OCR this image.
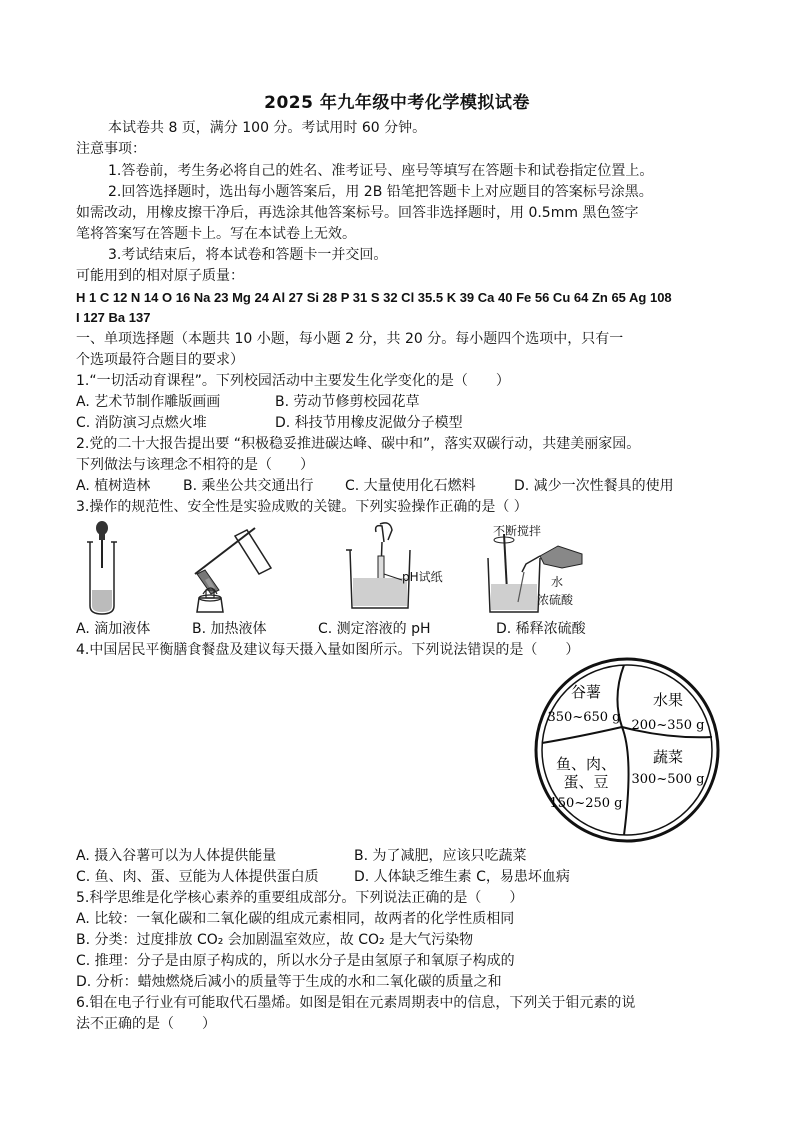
2025 年九年级中考化学模拟试卷
本试卷共 8 页，满分 100 分。考试用时 60 分钟。
注意事项：
1.答卷前，考生务必将自己的姓名、准考证号、座号等填写在答题卡和试卷指定位置上。
2.回答选择题时，选出每小题答案后，用 2B 铅笔把答题卡上对应题目的答案标号涂黑。
如需改动，用橡皮擦干净后，再选涂其他答案标号。回答非选择题时，用 0.5mm 黑色签字
笔将答案写在答题卡上。写在本试卷上无效。
3.考试结束后，将本试卷和答题卡一并交回。
可能用到的相对原子质量：
H 1 C 12 N 14 O 16 Na 23 Mg 24 Al 27 Si 28 P 31 S 32 Cl 35.5 K 39 Ca 40 Fe 56 Cu 64 Zn 65 Ag 108
I 127 Ba 137
一、单项选择题（本题共 10 小题，每小题 2 分，共 20 分。每小题四个选项中，只有一
个选项最符合题目的要求）
1.“一切活动育课程”。下列校园活动中主要发生化学变化的是（　　）
A. 艺术节制作雕版画画	B. 劳动节修剪校园花草
C. 消防演习点燃火堆	D. 科技节用橡皮泥做分子模型
2.党的二十大报告提出要 “积极稳妥推进碳达峰、碳中和”，落实双碳行动，共建美丽家园。
下列做法与该理念不相符的是（　　）
A. 植树造林 B. 乘坐公共交通出行 C. 大量使用化石燃料	D. 减少一次性餐具的使用
3.操作的规范性、安全性是实验成败的关键。下列实验操作正确的是（ ）
pH试纸
不断搅拌
水
浓硫酸
A. 滴加液体	B. 加热液体	C. 测定溶液的 pH	D. 稀释浓硫酸
4.中国居民平衡膳食餐盘及建议每天摄入量如图所示。下列说法错误的是（　　）
谷薯
350~650 g
水果
200~350 g
蔬菜
300~500 g
鱼、肉、
蛋、豆
150~250 g
A. 摄入谷薯可以为人体提供能量	B. 为了减肥，应该只吃蔬菜
C. 鱼、肉、蛋、豆能为人体提供蛋白质	D. 人体缺乏维生素 C，易患坏血病
5.科学思维是化学核心素养的重要组成部分。下列说法正确的是（　　）
A. 比较：一氧化碳和二氧化碳的组成元素相同，故两者的化学性质相同
B. 分类：过度排放 CO₂ 会加剧温室效应，故 CO₂ 是大气污染物
C. 推理：分子是由原子构成的，所以水分子是由氢原子和氧原子构成的
D. 分析：蜡烛燃烧后减小的质量等于生成的水和二氧化碳的质量之和
6.钼在电子行业有可能取代石墨烯。如图是钼在元素周期表中的信息，下列关于钼元素的说
法不正确的是（　　）
